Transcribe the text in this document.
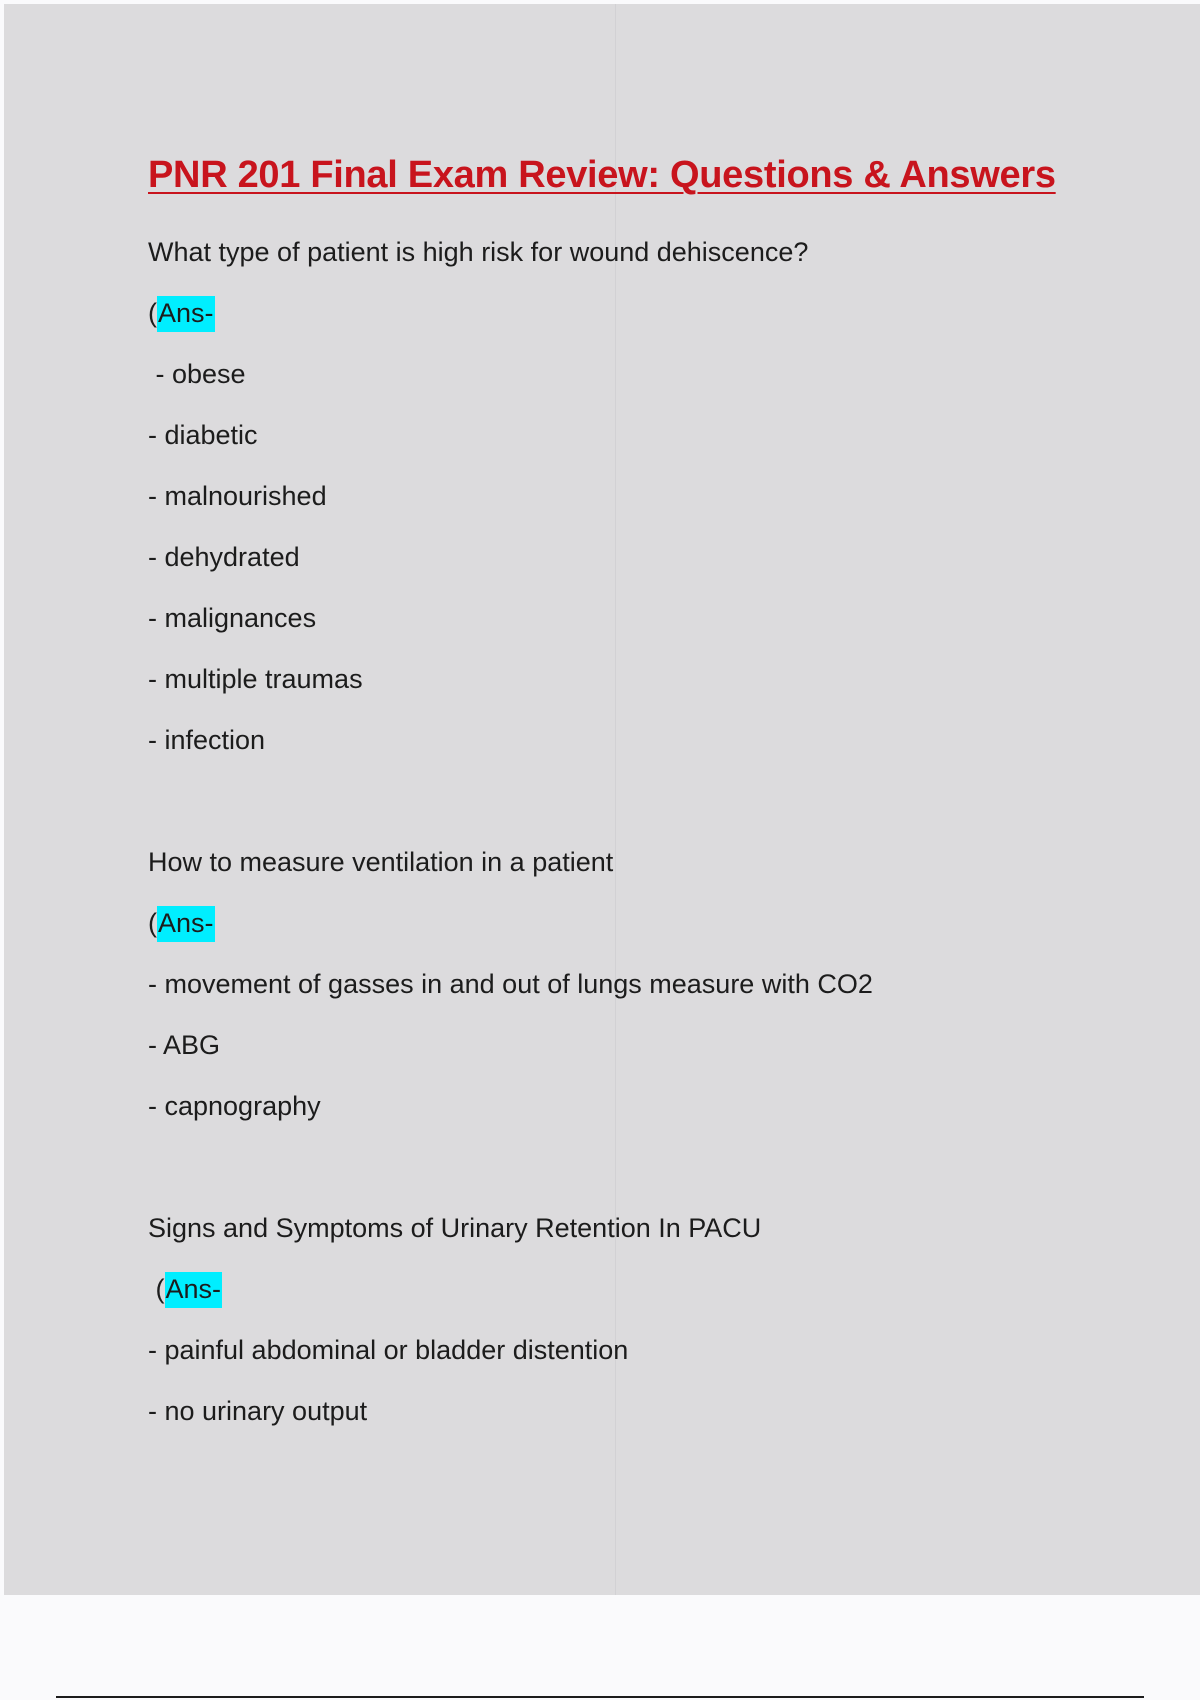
PNR 201 Final Exam Review: Questions & Answers
What type of patient is high risk for wound dehiscence?
(Ans-
- obese
- diabetic
- malnourished
- dehydrated
- malignances
- multiple traumas
- infection
How to measure ventilation in a patient
(Ans-
- movement of gasses in and out of lungs measure with CO2
- ABG
- capnography
Signs and Symptoms of Urinary Retention In PACU
(Ans-
- painful abdominal or bladder distention
- no urinary output
